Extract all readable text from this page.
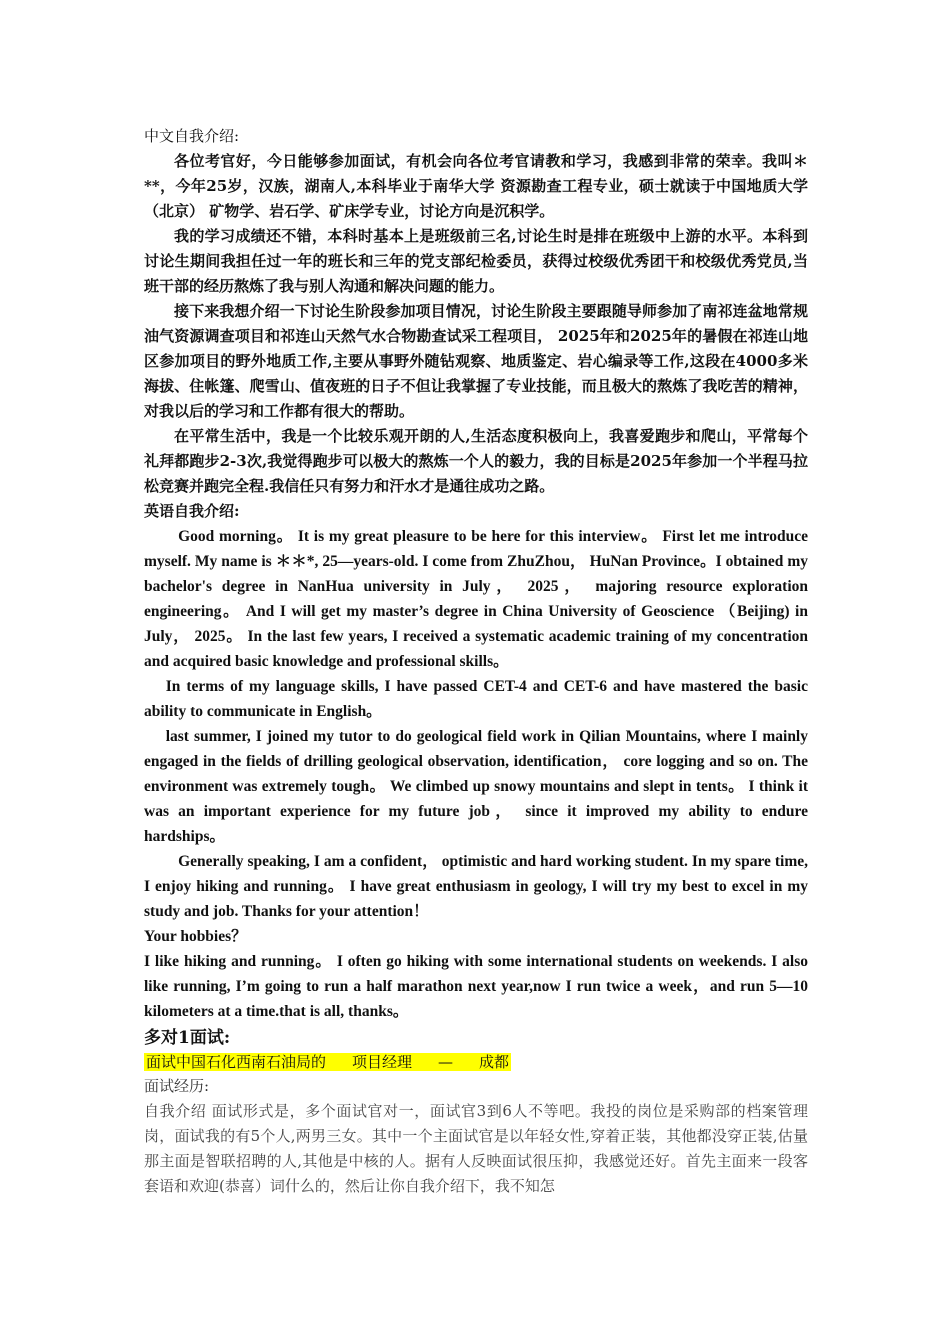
中文自我介绍:

各位考官好，今日能够参加面试，有机会向各位考官请教和学习，我感到非常的荣幸。我叫＊**，今年25岁，汉族，湖南人,本科毕业于南华大学 资源勘查工程专业，硕士就读于中国地质大学（北京） 矿物学、岩石学、矿床学专业，讨论方向是沉积学。

我的学习成绩还不错，本科时基本上是班级前三名,讨论生时是排在班级中上游的水平。本科到讨论生期间我担任过一年的班长和三年的党支部纪检委员，获得过校级优秀团干和校级优秀党员,当班干部的经历熬炼了我与别人沟通和解决问题的能力。

接下来我想介绍一下讨论生阶段参加项目情况，讨论生阶段主要跟随导师参加了南祁连盆地常规油气资源调查项目和祁连山天然气水合物勘查试采工程项目， 2025年和2025年的暑假在祁连山地区参加项目的野外地质工作,主要从事野外随钻观察、地质鉴定、岩心编录等工作,这段在4000多米海拔、住帐篷、爬雪山、值夜班的日子不但让我掌握了专业技能，而且极大的熬炼了我吃苦的精神，对我以后的学习和工作都有很大的帮助。

在平常生活中，我是一个比较乐观开朗的人,生活态度积极向上，我喜爱跑步和爬山，平常每个礼拜都跑步2-3次,我觉得跑步可以极大的熬炼一个人的毅力，我的目标是2025年参加一个半程马拉松竞赛并跑完全程.我信任只有努力和汗水才是通往成功之路。

英语自我介绍:

Good morning。 It is my great pleasure to be here for this interview。 First let me introduce myself. My name is ＊＊*, 25—years-old. I come from ZhuZhou， HuNan Province。I obtained my bachelor's degree in NanHua university in July， 2025， majoring resource exploration engineering。 And I will get my master’s degree in China University of Geoscience （Beijing) in July， 2025。 In the last few years, I received a systematic academic training of my concentration and acquired basic knowledge and professional skills。

In terms of my language skills, I have passed CET-4 and CET-6 and have mastered the basic ability to communicate in English。

last summer, I joined my tutor to do geological field work in Qilian Mountains, where I mainly engaged in the fields of drilling geological observation, identification， core logging and so on. The environment was extremely tough。 We climbed up snowy mountains and slept in tents。 I think it was an important experience for my future job， since it improved my ability to endure hardships。

Generally speaking, I am a confident， optimistic and hard working student. In my spare time, I enjoy hiking and running。 I have great enthusiasm in geology, I will try my best to excel in my study and job. Thanks for your attention！

Your hobbies？

I like hiking and running。 I often go hiking with some international students on weekends. I also like running, I’m going to run a half marathon next year,now I run twice a week，and run 5—10 kilometers at a time.that is all, thanks。

多对1面试:

面试中国石化西南石油局的 项目经理 — 成都

面试经历:

自我介绍 面试形式是，多个面试官对一，面试官3到6人不等吧。我投的岗位是采购部的档案管理岗，面试我的有5个人,两男三女。其中一个主面试官是以年轻女性,穿着正装，其他都没穿正装,估量那主面是智联招聘的人,其他是中核的人。据有人反映面试很压抑，我感觉还好。首先主面来一段客套语和欢迎(恭喜）词什么的，然后让你自我介绍下，我不知怎
